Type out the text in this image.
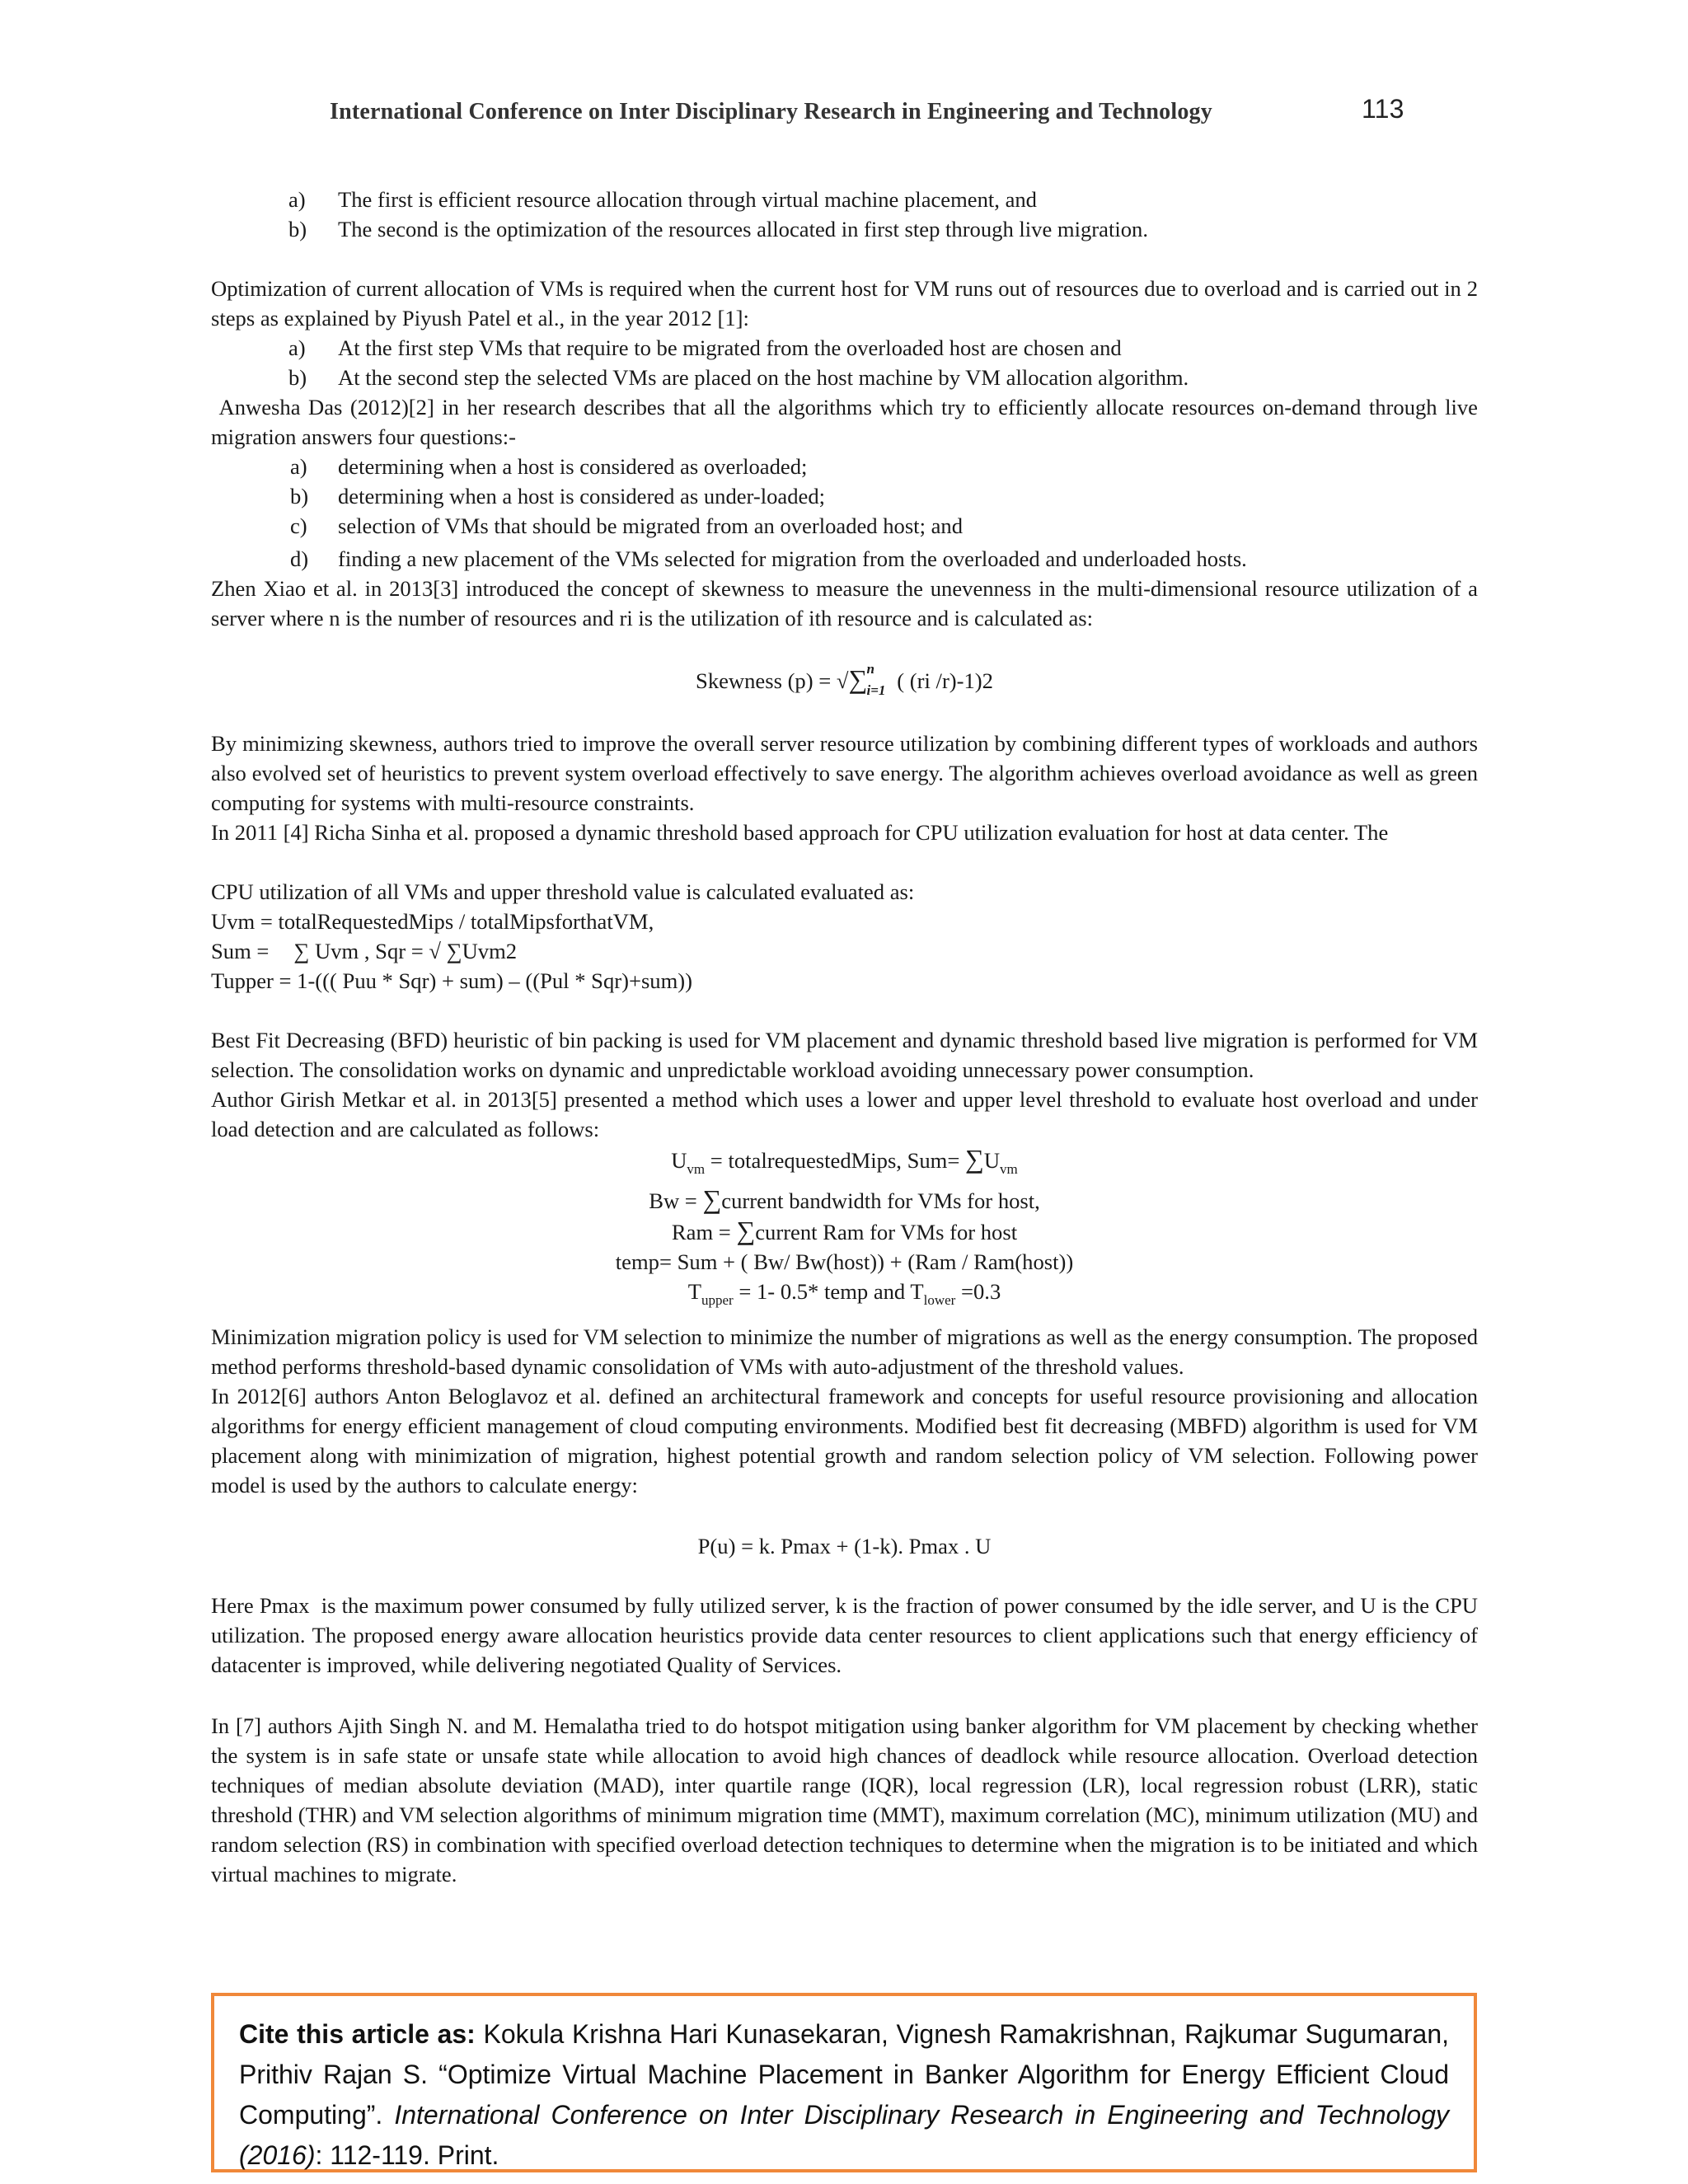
International Conference on Inter Disciplinary Research in Engineering and Technology	113
a) The first is efficient resource allocation through virtual machine placement, and
b) The second is the optimization of the resources allocated in first step through live migration.

Optimization of current allocation of VMs is required when the current host for VM runs out of resources due to overload and is carried out in 2 steps as explained by Piyush Patel et al., in the year 2012 [1]:

a) At the first step VMs that require to be migrated from the overloaded host are chosen and
b) At the second step the selected VMs are placed on the host machine by VM allocation algorithm.

Anwesha Das (2012)[2] in her research describes that all the algorithms which try to efficiently allocate resources on-demand through live migration answers four questions:-

a) determining when a host is considered as overloaded;
b) determining when a host is considered as under-loaded;
c) selection of VMs that should be migrated from an overloaded host; and
d) finding a new placement of the VMs selected for migration from the overloaded and underloaded hosts.

Zhen Xiao et al. in 2013[3] introduced the concept of skewness to measure the unevenness in the multi-dimensional resource utilization of a server where n is the number of resources and ri is the utilization of ith resource and is calculated as:

Skewness (p) = √∑ n
i=1 ( (ri /r)-1)2

By minimizing skewness, authors tried to improve the overall server resource utilization by combining different types of workloads and authors also evolved set of heuristics to prevent system overload effectively to save energy. The algorithm achieves overload avoidance as well as green computing for systems with multi-resource constraints.

In 2011 [4] Richa Sinha et al. proposed a dynamic threshold based approach for CPU utilization evaluation for host at data center. The

CPU utilization of all VMs and upper threshold value is calculated evaluated as:

Uvm = totalRequestedMips / totalMipsforthatVM,

Sum = ∑ Uvm , Sqr = √ ∑Uvm2

Tupper = 1-((( Puu * Sqr) + sum) – ((Pul * Sqr)+sum))

Best Fit Decreasing (BFD) heuristic of bin packing is used for VM placement and dynamic threshold based live migration is performed for VM selection. The consolidation works on dynamic and unpredictable workload avoiding unnecessary power consumption.

Author Girish Metkar et al. in 2013[5] presented a method which uses a lower and upper level threshold to evaluate host overload and under load detection and are calculated as follows:

$U_{vm}$ = totalrequestedMips, $Sum= \sum U_{vm}$
Bw = ∑current bandwidth for VMs for host,
Ram = ∑current Ram for VMs for host
temp= Sum + ( Bw/ Bw(host)) + (Ram / Ram(host))
$T_{upper} = 1-$ 0.5* temp and $T_{lower} =0.3$

Minimization migration policy is used for VM selection to minimize the number of migrations as well as the energy consumption. The proposed method performs threshold-based dynamic consolidation of VMs with auto-adjustment of the threshold values.

In 2012[6] authors Anton Beloglavoz et al. defined an architectural framework and concepts for useful resource provisioning and allocation algorithms for energy efficient management of cloud computing environments. Modified best fit decreasing (MBFD) algorithm is used for VM placement along with minimization of migration, highest potential growth and random selection policy of VM selection. Following power model is used by the authors to calculate energy:

P(u) = k. Pmax + (1-k). Pmax . U

Here Pmax  is the maximum power consumed by fully utilized server, k is the fraction of power consumed by the idle server, and U is the CPU utilization. The proposed energy aware allocation heuristics provide data center resources to client applications such that energy efficiency of datacenter is improved, while delivering negotiated Quality of Services.

In [7] authors Ajith Singh N. and M. Hemalatha tried to do hotspot mitigation using banker algorithm for VM placement by checking whether the system is in safe state or unsafe state while allocation to avoid high chances of deadlock while resource allocation. Overload detection techniques of median absolute deviation (MAD), inter quartile range (IQR), local regression (LR), local regression robust (LRR), static threshold (THR) and VM selection algorithms of minimum migration time (MMT), maximum correlation (MC), minimum utilization (MU) and random selection (RS) in combination with specified overload detection techniques to determine when the migration is to be initiated and which virtual machines to migrate.

Cite this article as: Kokula Krishna Hari Kunasekaran, Vignesh Ramakrishnan, Rajkumar Sugumaran, Prithiv Rajan S. “Optimize Virtual Machine Placement in Banker Algorithm for Energy Efficient Cloud Computing”. International Conference on Inter Disciplinary Research in Engineering and Technology (2016): 112-119. Print.
